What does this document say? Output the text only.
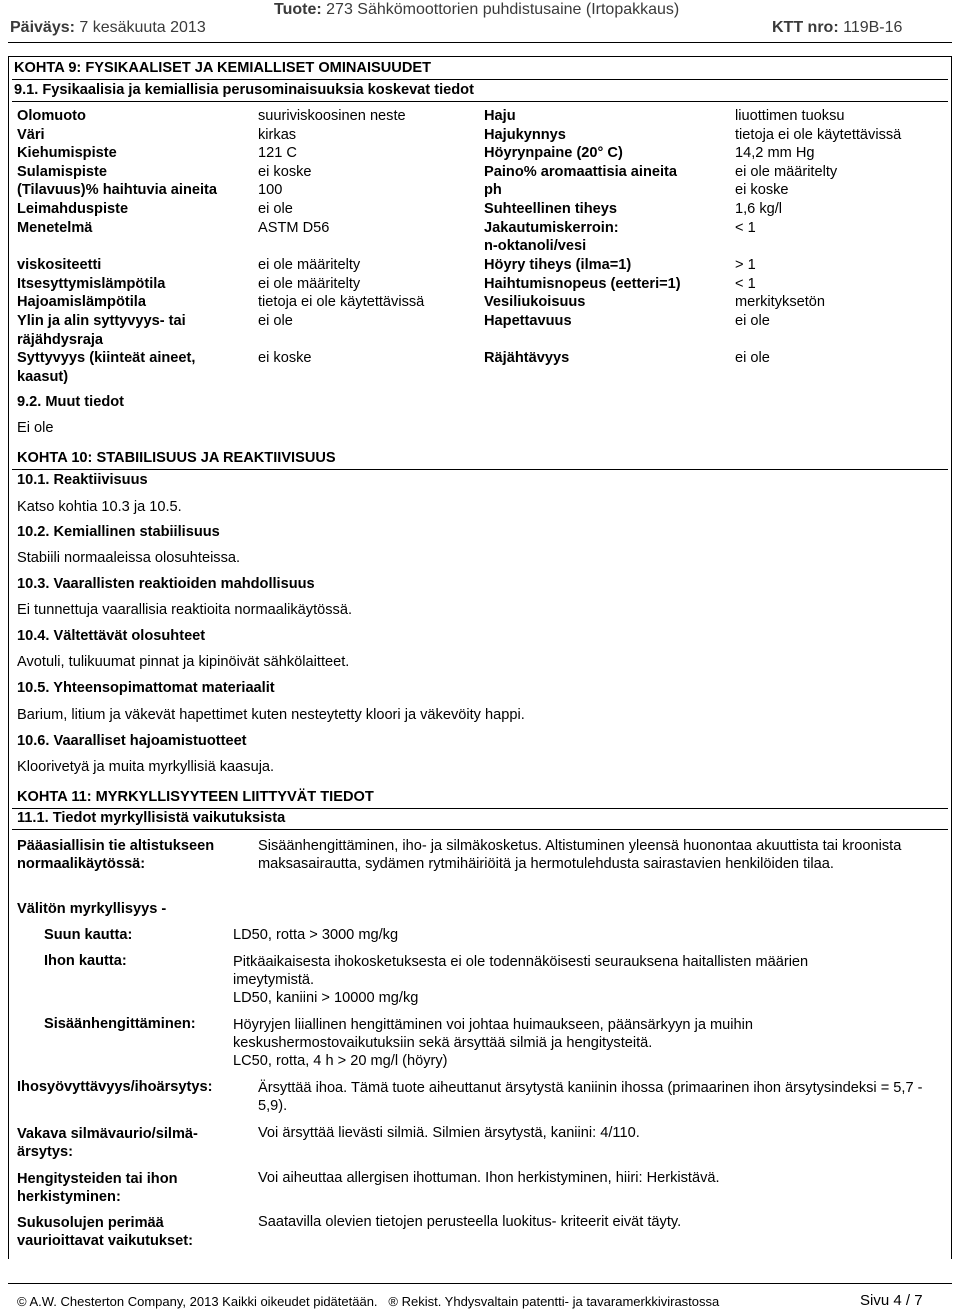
Päiväys: 7 kesäkuuta 2013
Tuote: 273 Sähkömoottorien puhdistusaine (Irtopakkaus)
KTT nro: 119B-16
KOHTA 9: FYSIKAALISET JA KEMIALLISET OMINAISUUDET
9.1. Fysikaalisia ja kemiallisia perusominaisuuksia koskevat tiedot
Olomuoto	suuriviskoosinen neste	Haju	liuottimen tuoksu
Väri	kirkas	Hajukynnys	tietoja ei ole käytettävissä
Kiehumispiste	121 C	Höyrynpaine (20° C)	14,2 mm Hg
Sulamispiste	ei koske	Paino% aromaattisia aineita	ei ole määritelty
(Tilavuus)% haihtuvia aineita	100	ph	ei koske
Leimahduspiste	ei ole	Suhteellinen tiheys	1,6 kg/l
Menetelmä	ASTM D56	Jakautumiskerroin:	< 1
n-oktanoli/vesi
viskositeetti	ei ole määritelty	Höyry tiheys (ilma=1)	> 1
Itsesyttymislämpötila	ei ole määritelty	Haihtumisnopeus (eetteri=1)	< 1
Hajoamislämpötila	tietoja ei ole käytettävissä	Vesiliukoisuus	merkityksetön
Ylin ja alin syttyvyys- tai	ei ole	Hapettavuus	ei ole
räjähdysraja
Syttyvyys (kiinteät aineet,	ei koske	Räjähtävyys	ei ole
kaasut)
9.2. Muut tiedot
Ei ole
KOHTA 10: STABIILISUUS JA REAKTIIVISUUS
10.1. Reaktiivisuus
Katso kohtia 10.3 ja 10.5.
10.2. Kemiallinen stabiilisuus
Stabiili normaaleissa olosuhteissa.
10.3. Vaarallisten reaktioiden mahdollisuus
Ei tunnettuja vaarallisia reaktioita normaalikäytössä.
10.4. Vältettävät olosuhteet
Avotuli, tulikuumat pinnat ja kipinöivät sähkölaitteet.
10.5. Yhteensopimattomat materiaalit
Barium, litium ja väkevät hapettimet kuten nesteytetty kloori ja väkevöity happi.
10.6. Vaaralliset hajoamistuotteet
Kloorivetyä ja muita myrkyllisiä kaasuja.
KOHTA 11: MYRKYLLISYYTEEN LIITTYVÄT TIEDOT
11.1. Tiedot myrkyllisistä vaikutuksista
Pääasiallisin tie altistukseen normaalikäytössä:
Sisäänhengittäminen, iho- ja silmäkosketus. Altistuminen yleensä huonontaa akuuttista tai kroonista maksasairautta, sydämen rytmihäiriöitä ja hermotulehdusta sairastavien henkilöiden tilaa.
Välitön myrkyllisyys -
Suun kautta:	LD50, rotta > 3000 mg/kg
Ihon kautta:	Pitkäaikaisesta ihokosketuksesta ei ole todennäköisesti seurauksena haitallisten määrien imeytymistä.
LD50, kaniini > 10000 mg/kg
Sisäänhengittäminen:	Höyryjen liiallinen hengittäminen voi johtaa huimaukseen, päänsärkyyn ja muihin keskushermostovaikutuksiin sekä ärsyttää silmiä ja hengitysteitä.
LC50, rotta, 4 h > 20 mg/l (höyry)
Ihosyövyttävyys/ihoärsytys:	Ärsyttää ihoa. Tämä tuote aiheuttanut ärsytystä kaniinin ihossa (primaarinen ihon ärsytysindeksi = 5,7 - 5,9).
Vakava silmävaurio/silmä-ärsytys:
Voi ärsyttää lievästi silmiä. Silmien ärsytystä, kaniini: 4/110.
Hengitysteiden tai ihon herkistyminen:
Voi aiheuttaa allergisen ihottuman. Ihon herkistyminen, hiiri: Herkistävä.
Sukusolujen perimää vaurioittavat vaikutukset:
Saatavilla olevien tietojen perusteella luokitus- kriteerit eivät täyty.
© A.W. Chesterton Company, 2013 Kaikki oikeudet pidätetään.   ® Rekist. Yhdysvaltain patentti- ja tavaramerkkivirastossa	Sivu 4 / 7
